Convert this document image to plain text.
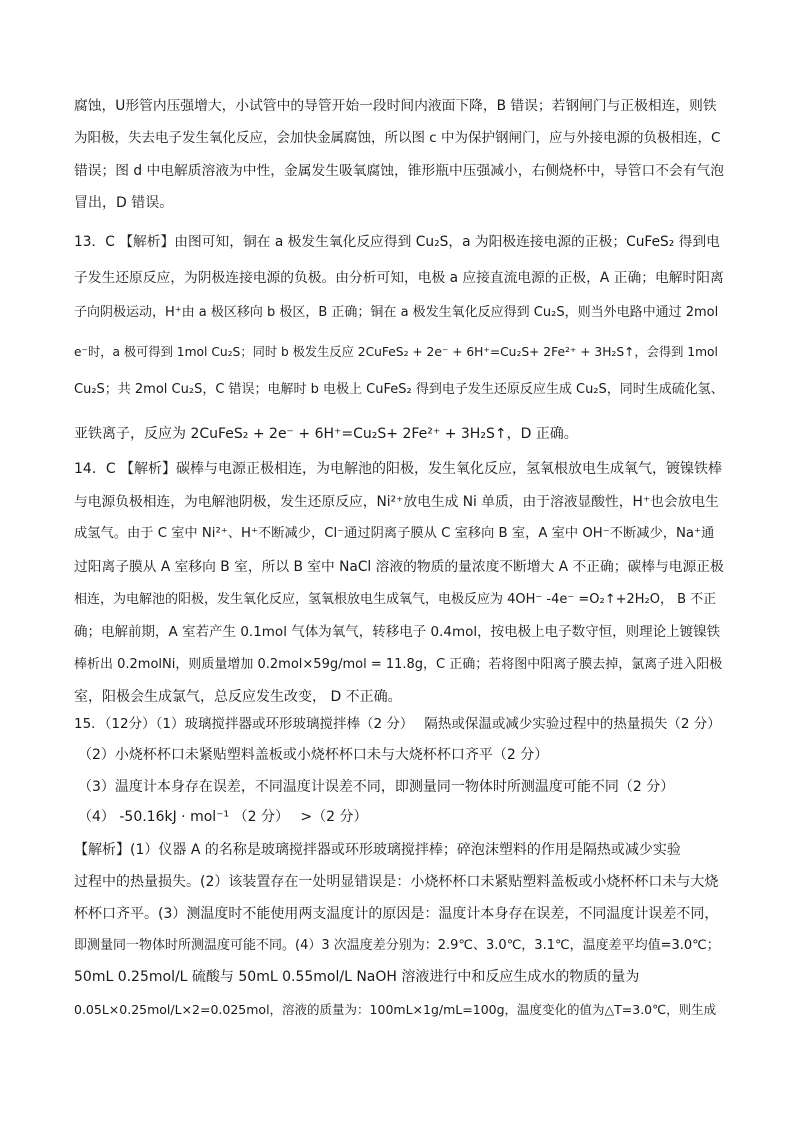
腐蚀，U形管内压强增大，小试管中的导管开始一段时间内液面下降，B 错误；若钢闸门与正极相连，则铁
为阳极，失去电子发生氧化反应，会加快金属腐蚀，所以图 c 中为保护钢闸门，应与外接电源的负极相连，C
错误；图 d 中电解质溶液为中性，金属发生吸氧腐蚀，锥形瓶中压强减小，右侧烧杯中，导管口不会有气泡
冒出，D 错误。
13．C 【解析】由图可知，铜在 a 极发生氧化反应得到 Cu₂S，a 为阳极连接电源的正极；CuFeS₂ 得到电
子发生还原反应，为阴极连接电源的负极。由分析可知，电极 a 应接直流电源的正极，A 正确；电解时阳离
子向阴极运动，H⁺由 a 极区移向 b 极区，B 正确；铜在 a 极发生氧化反应得到 Cu₂S，则当外电路中通过 2mol
e⁻时，a 极可得到 1mol Cu₂S；同时 b 极发生反应 2CuFeS₂ + 2e⁻ + 6H⁺=Cu₂S+ 2Fe²⁺ + 3H₂S↑，会得到 1mol
Cu₂S；共 2mol Cu₂S，C 错误；电解时 b 电极上 CuFeS₂ 得到电子发生还原反应生成 Cu₂S，同时生成硫化氢、
亚铁离子，反应为 2CuFeS₂ + 2e⁻ + 6H⁺=Cu₂S+ 2Fe²⁺ + 3H₂S↑，D 正确。
14．C 【解析】碳棒与电源正极相连，为电解池的阳极，发生氧化反应，氢氧根放电生成氧气，镀镍铁棒
与电源负极相连，为电解池阴极，发生还原反应，Ni²⁺放电生成 Ni 单质，由于溶液显酸性，H⁺也会放电生
成氢气。由于 C 室中 Ni²⁺、H⁺不断减少，Cl⁻通过阴离子膜从 C 室移向 B 室，A 室中 OH⁻不断减少，Na⁺通
过阳离子膜从 A 室移向 B 室，所以 B 室中 NaCl 溶液的物质的量浓度不断增大 A 不正确；碳棒与电源正极
相连，为电解池的阳极，发生氧化反应，氢氧根放电生成氧气，电极反应为 4OH⁻ -4e⁻ =O₂↑+2H₂O， B 不正
确；电解前期，A 室若产生 0.1mol 气体为氧气，转移电子 0.4mol，按电极上电子数守恒，则理论上镀镍铁
棒析出 0.2molNi，则质量增加 0.2mol×59g/mol = 11.8g，C 正确；若将图中阳离子膜去掉，氯离子进入阳极
室，阳极会生成氯气，总反应发生改变， D 不正确。
15．（12分）（1）玻璃搅拌器或环形玻璃搅拌棒（2 分）　 隔热或保温或减少实验过程中的热量损失（2 分）
（2）小烧杯杯口未紧贴塑料盖板或小烧杯杯口未与大烧杯杯口齐平（2 分）
（3）温度计本身存在误差，不同温度计误差不同，即测量同一物体时所测温度可能不同（2 分）
（4） -50.16kJ · mol⁻¹ （2 分）　 >（2 分）
【解析】(1）仪器 A 的名称是玻璃搅拌器或环形玻璃搅拌棒；碎泡沫塑料的作用是隔热或减少实验
过程中的热量损失。(2）该装置存在一处明显错误是：小烧杯杯口未紧贴塑料盖板或小烧杯杯口未与大烧
杯杯口齐平。(3）测温度时不能使用两支温度计的原因是：温度计本身存在误差，不同温度计误差不同，
即测量同一物体时所测温度可能不同。(4）3 次温度差分别为：2.9℃、3.0℃，3.1℃，温度差平均值=3.0℃；
50mL 0.25mol/L 硫酸与 50mL 0.55mol/L NaOH 溶液进行中和反应生成水的物质的量为
0.05L×0.25mol/L×2=0.025mol，溶液的质量为：100mL×1g/mL=100g，温度变化的值为△T=3.0℃，则生成
